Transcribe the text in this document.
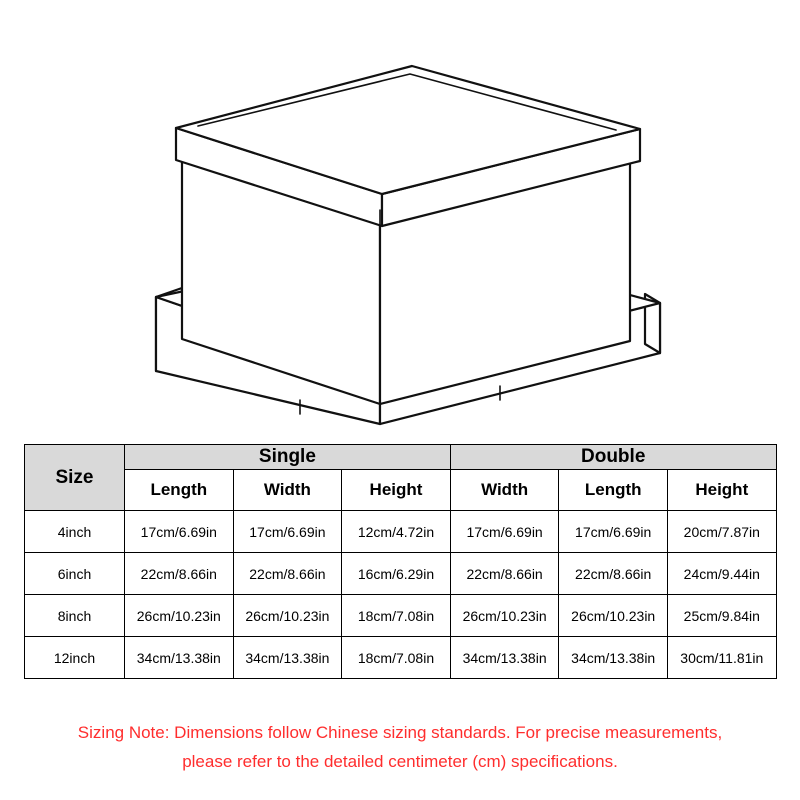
Size	Single			Double		
	Length	Width	Height	Width	Length	Height
4inch	17cm/6.69in	17cm/6.69in	12cm/4.72in	17cm/6.69in	17cm/6.69in	20cm/7.87in
6inch	22cm/8.66in	22cm/8.66in	16cm/6.29in	22cm/8.66in	22cm/8.66in	24cm/9.44in
8inch	26cm/10.23in	26cm/10.23in	18cm/7.08in	26cm/10.23in	26cm/10.23in	25cm/9.84in
12inch	34cm/13.38in	34cm/13.38in	18cm/7.08in	34cm/13.38in	34cm/13.38in	30cm/11.81in
Sizing Note: Dimensions follow Chinese sizing standards. For precise measurements,
please refer to the detailed centimeter (cm) specifications.
